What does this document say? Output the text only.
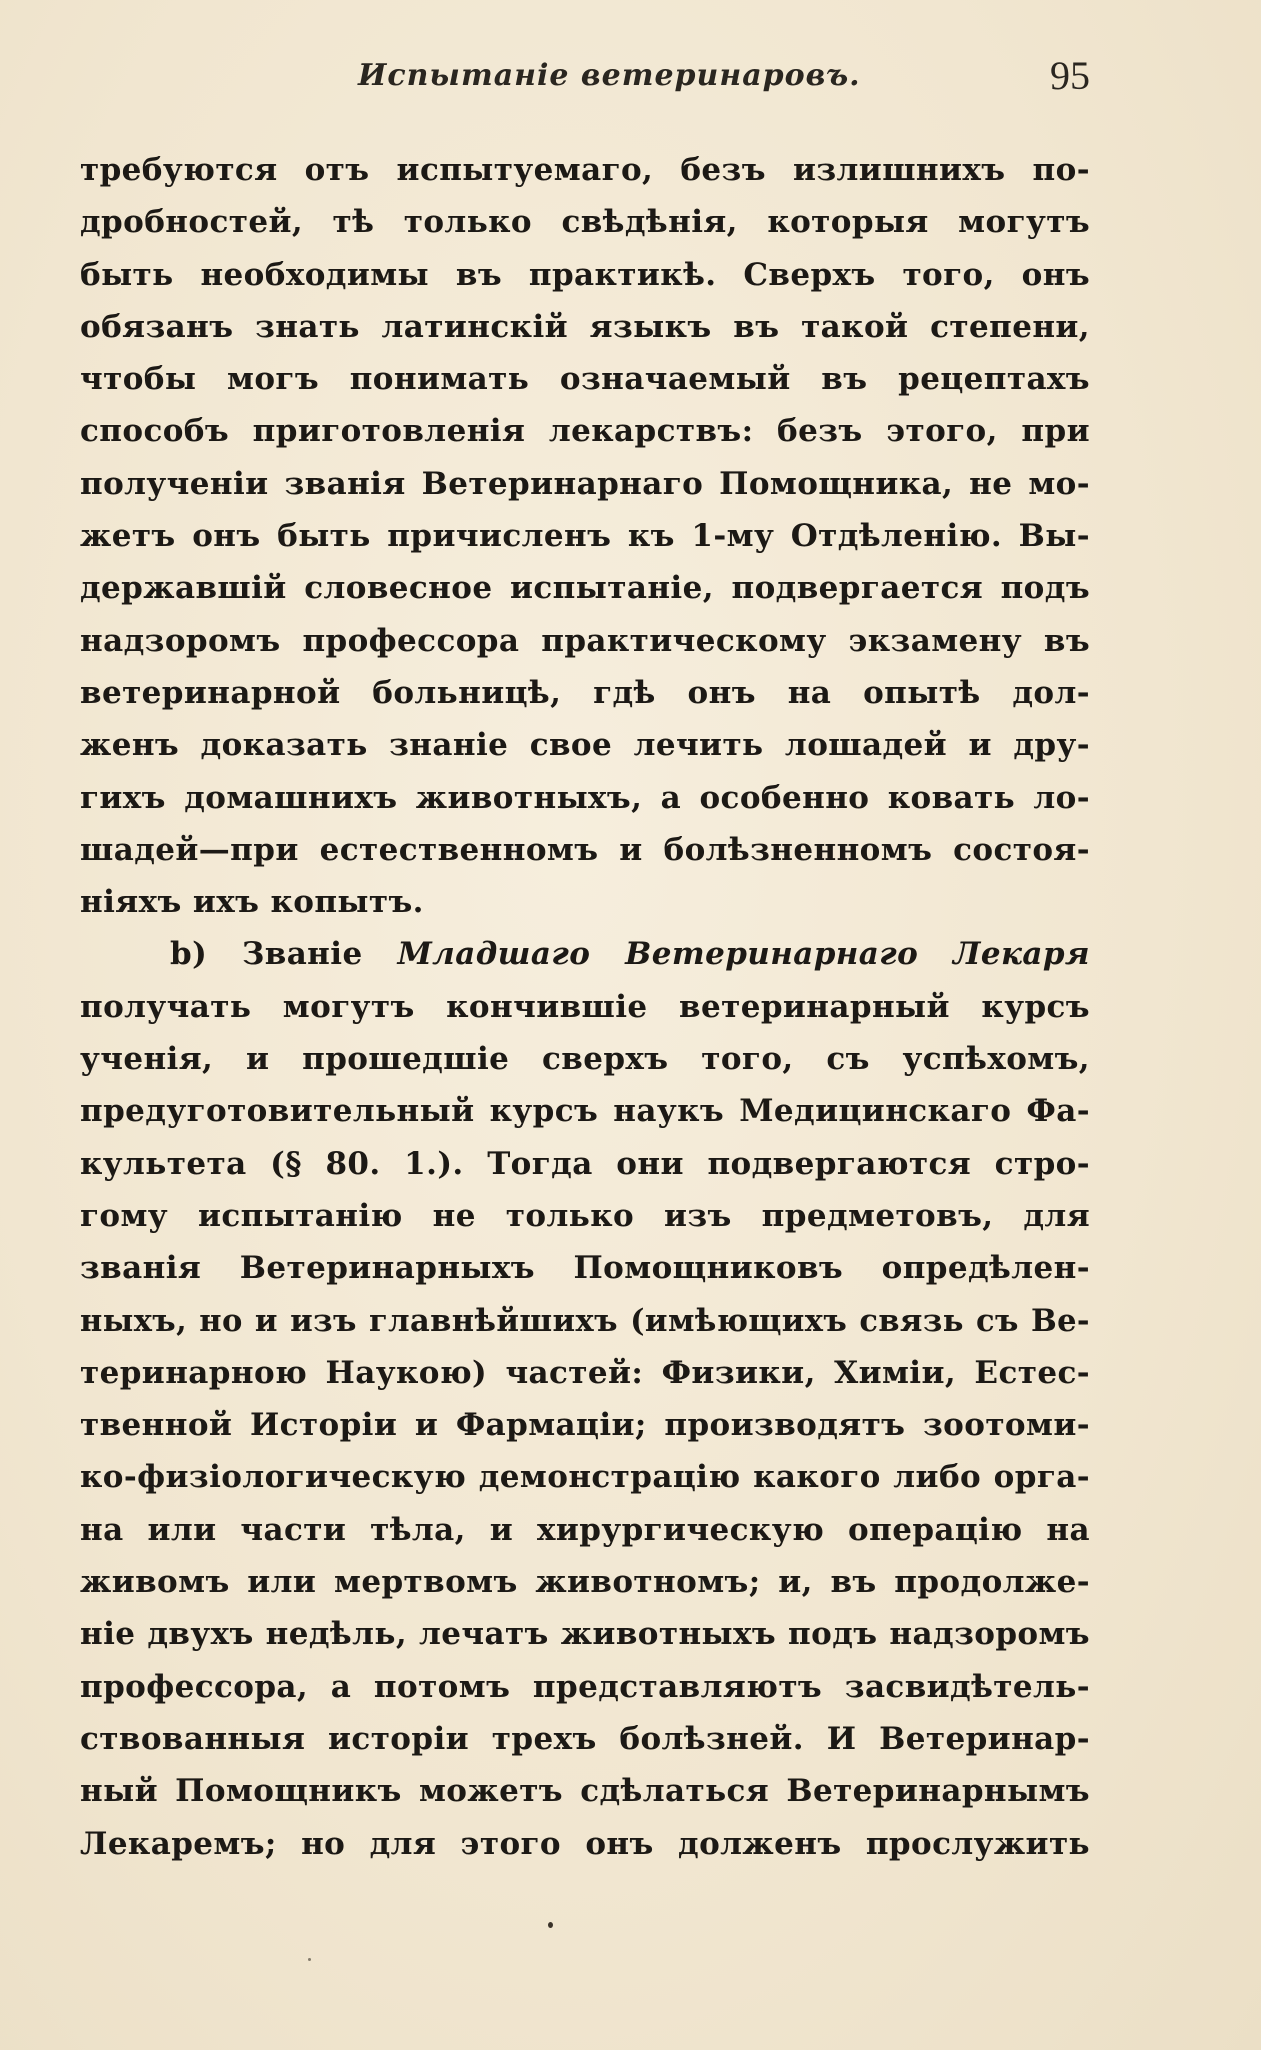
Испытаніе ветеринаровъ.	95
требуются отъ испытуемаго, безъ излишнихъ по-
дробностей, тѣ только свѣдѣнія, которыя могутъ
быть необходимы въ практикѣ. Сверхъ того, онъ
обязанъ знать латинскій языкъ въ такой степени,
чтобы могъ понимать означаемый въ рецептахъ
способъ приготовленія лекарствъ: безъ этого, при
полученіи званія Ветеринарнаго Помощника, не мо-
жетъ онъ быть причисленъ къ 1-му Отдѣленію. Вы-
державшій словесное испытаніе, подвергается подъ
надзоромъ профессора практическому экзамену въ
ветеринарной больницѣ, гдѣ онъ на опытѣ дол-
женъ доказать знаніе свое лечить лошадей и дру-
гихъ домашнихъ животныхъ, а особенно ковать ло-
шадей—при естественномъ и болѣзненномъ состоя-
ніяхъ ихъ копытъ.
b) Званіе Младшаго Ветеринарнаго Лекаря
получать могутъ кончившіе ветеринарный курсъ
ученія, и прошедшіе сверхъ того, съ успѣхомъ,
предуготовительный курсъ наукъ Медицинскаго Фа-
культета (§ 80. 1.). Тогда они подвергаются стро-
гому испытанію не только изъ предметовъ, для
званія Ветеринарныхъ Помощниковъ опредѣлен-
ныхъ, но и изъ главнѣйшихъ (имѣющихъ связь съ Ве-
теринарною Наукою) частей: Физики, Химіи, Естес-
твенной Исторіи и Фармаціи; производятъ зоотоми-
ко-физіологическую демонстрацію какого либо орга-
на или части тѣла, и хирургическую операцію на
живомъ или мертвомъ животномъ; и, въ продолже-
ніе двухъ недѣль, лечатъ животныхъ подъ надзоромъ
профессора, а потомъ представляютъ засвидѣтель-
ствованныя исторіи трехъ болѣзней. И Ветеринар-
ный Помощникъ можетъ сдѣлаться Ветеринарнымъ
Лекаремъ; но для этого онъ долженъ прослужить
